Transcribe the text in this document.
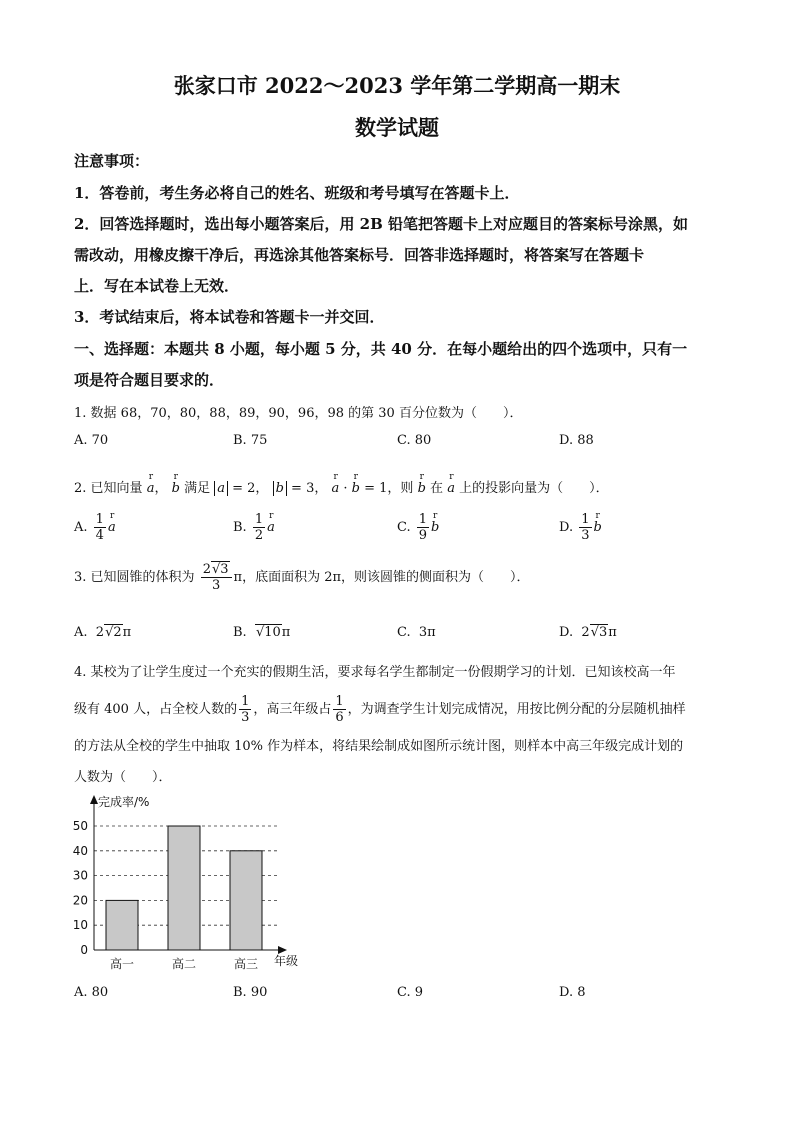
张家口市 2022～2023 学年第二学期高一期末
数学试题
注意事项：
1．答卷前，考生务必将自己的姓名、班级和考号填写在答题卡上．
2．回答选择题时，选出每小题答案后，用 2B 铅笔把答题卡上对应题目的答案标号涂黑，如
需改动，用橡皮擦干净后，再选涂其他答案标号．回答非选择题时，将答案写在答题卡
上．写在本试卷上无效．
3．考试结束后，将本试卷和答题卡一并交回．
一、选择题：本题共 8 小题，每小题 5 分，共 40 分．在每小题给出的四个选项中，只有一
项是符合题目要求的．
1. 数据 68，70，80，88，89，90，96，98 的第 30 百分位数为（　　）．
A. 70	B. 75	C. 80	D. 88
2. 已知向量 r a， r b 满足 a = 2， b = 3， r a · r b = 1，则 r b 在 r a 上的投影向量为（　　）．
A. $\frac{1}{4}$ r a	B. $\frac{1}{2}$ r a	C. $\frac{1}{9}$ r b	D. $\frac{1}{3}$ r b
3. 已知圆锥的体积为 $\frac{2√3}{3}$ π，底面面积为 2π，则该圆锥的侧面积为（　　）．
A. 2√2π	B. √10π	C. 3π	D. 2√3π
4. 某校为了让学生度过一个充实的假期生活，要求每名学生都制定一份假期学习的计划．已知该校高一年
级有 400 人，占全校人数的 $\frac{1}{3}$ ，高三年级占 $\frac{1}{6}$ ，为调查学生计划完成情况，用按比例分配的分层随机抽样
的方法从全校的学生中抽取 10% 作为样本，将结果绘制成如图所示统计图，则样本中高三年级完成计划的
人数为（　　）．
0
10
20
30
40
50
完成率/%
年级
高一	高二	高三
A. 80	B. 90	C. 9	D. 8
